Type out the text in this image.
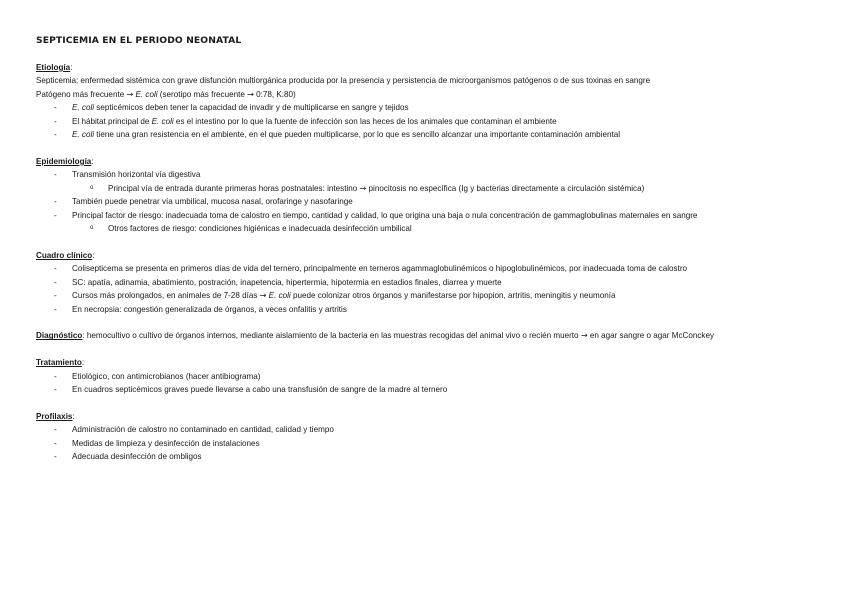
SEPTICEMIA EN EL PERIODO NEONATAL
Etiología:
Septicemia: enfermedad sistémica con grave disfunción multiorgánica producida por la presencia y persistencia de microorganismos patógenos o de sus toxinas en sangre
Patógeno más frecuente → E. coli (serotipo más frecuente → 0:78, K:80)
- E. coli septicémicos deben tener la capacidad de invadir y de multiplicarse en sangre y tejidos
- El hábitat principal de E. coli es el intestino por lo que la fuente de infección son las heces de los animales que contaminan el ambiente
- E. coli tiene una gran resistencia en el ambiente, en el que pueden multiplicarse, por lo que es sencillo alcanzar una importante contaminación ambiental
Epidemiología:
- Transmisión horizontal vía digestiva
o Principal vía de entrada durante primeras horas postnatales: intestino → pinocitosis no específica (Ig y bacterias directamente a circulación sistémica)
- También puede penetrar vía umbilical, mucosa nasal, orofaringe y nasofaringe
- Principal factor de riesgo: inadecuada toma de calostro en tiempo, cantidad y calidad, lo que origina una baja o nula concentración de gammaglobulinas maternales en sangre
o Otros factores de riesgo: condiciones higiénicas e inadecuada desinfección umbilical
Cuadro clínico:
- Colisepticema se presenta en primeros días de vida del ternero, principalmente en terneros agammaglobulinémicos o hipoglobulinémicos, por inadecuada toma de calostro
- SC: apatía, adinamia, abatimiento, postración, inapetencia, hipertermia, hipotermia en estadios finales, diarrea y muerte
- Cursos más prolongados, en animales de 7-28 días → E. coli puede colonizar otros órganos y manifestarse por hipopion, artritis, meningitis y neumonía
- En necropsia: congestión generalizada de órganos, a veces onfalitis y artritis
Diagnóstico: hemocultivo o cultivo de órganos internos, mediante aislamiento de la bacteria en las muestras recogidas del animal vivo o recién muerto → en agar sangre o agar McConckey
Tratamiento:
- Etiológico, con antimicrobianos (hacer antibiograma)
- En cuadros septicémicos graves puede llevarse a cabo una transfusión de sangre de la madre al ternero
Profilaxis:
- Administración de calostro no contaminado en cantidad, calidad y tiempo
- Medidas de limpieza y desinfección de instalaciones
- Adecuada desinfección de ombligos
